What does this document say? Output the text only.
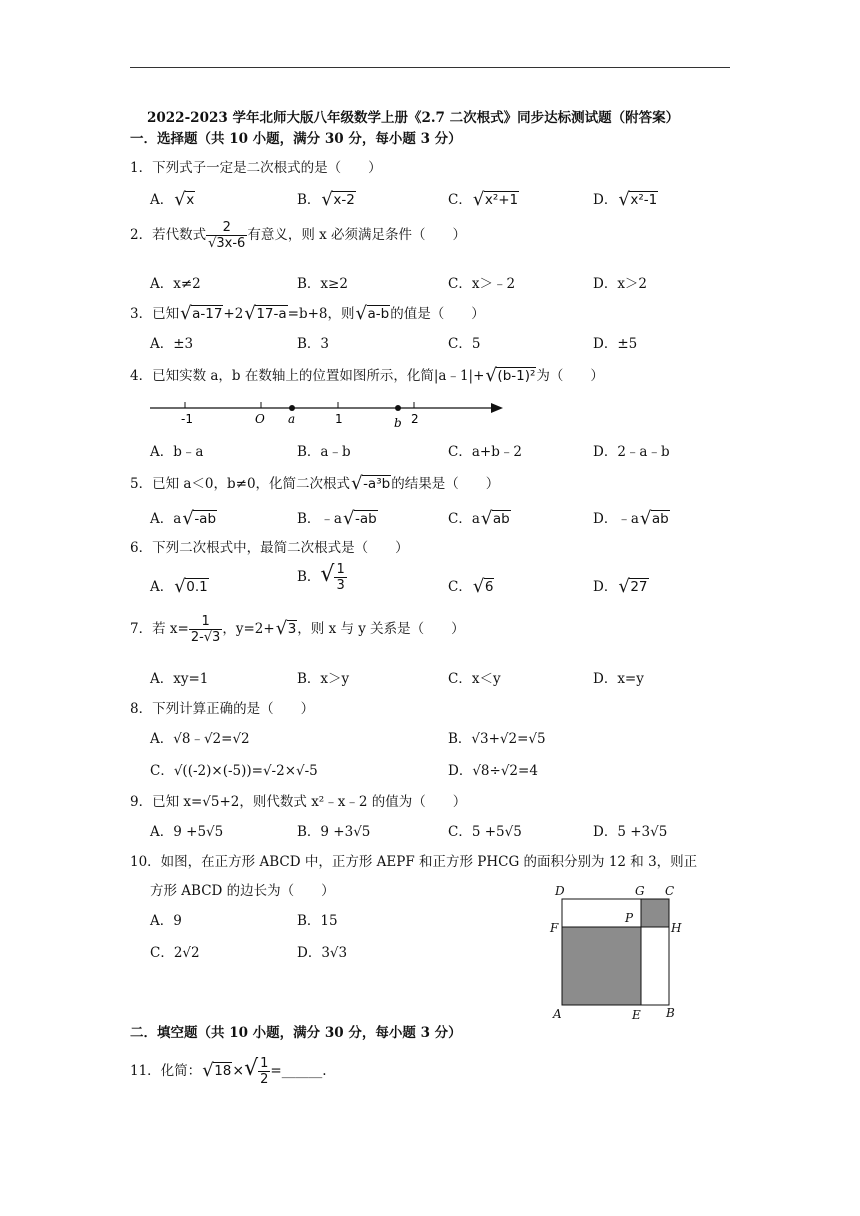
2022-2023 学年北师大版八年级数学上册《2.7 二次根式》同步达标测试题（附答案）
一．选择题（共 10 小题，满分 30 分，每小题 3 分）
1．下列式子一定是二次根式的是（　　）
A． √ x	B． √ x-2	C． √ x²+1	D． √ x²-1
2．若代数式 $\frac{2}{√3x-6}$ 有意义，则 x 必须满足条件（　　）
A．x≠2	B．x≥2	C．x＞﹣2	D．x＞2
3．已知 √ a-17+2 √ 17-a=b+8，则 √ a-b的值是（　　）
A．±3	B．3	C．5	D．±5
4．已知实数 a，b 在数轴上的位置如图所示，化简|a﹣1|+ √ (b-1)²为（　　）
-1	O a	1	b 2
A．b﹣a	B．a﹣b	C．a+b﹣2	D．2﹣a﹣b
5．已知 a＜0，b≠0，化简二次根式 √ -a³b的结果是（　　）
A．a √ -ab	B．﹣a √ -ab	C．a √ ab	D．﹣a √ ab
6．下列二次根式中，最简二次根式是（　　）
A． √ 0.1
B．√ $\frac{1}{3}$	C． √ 6	D． √ 27
7．若 $x= \frac{1}{2-√3}$ ，y=2+ √ 3，则 x 与 y 关系是（　　）
A．xy=1	B．x＞y	C．x＜y	D．x=y
8．下列计算正确的是（　　）
A．√8﹣√2=√2	B．√3+√2=√5
C．√((-2)×(-5))=√-2×√-5	D．√8÷√2=4
9．已知 x=√5+2，则代数式 x²﹣x﹣2 的值为（　　）
A．9 +5√5	B．9 +3√5	C．5 +5√5	D．5 +3√5
10．如图，在正方形 ABCD 中，正方形 AEPF 和正方形 PHCG 的面积分别为 12 和 3，则正
方形 ABCD 的边长为（　　）
A．9	B．15
C．2√2	D．3√3
D	G C
P
F	H
A	E B
二．填空题（共 10 小题，满分 30 分，每小题 3 分）
11．化简： √ $18\times√ \frac{1}{2}$ =______.
